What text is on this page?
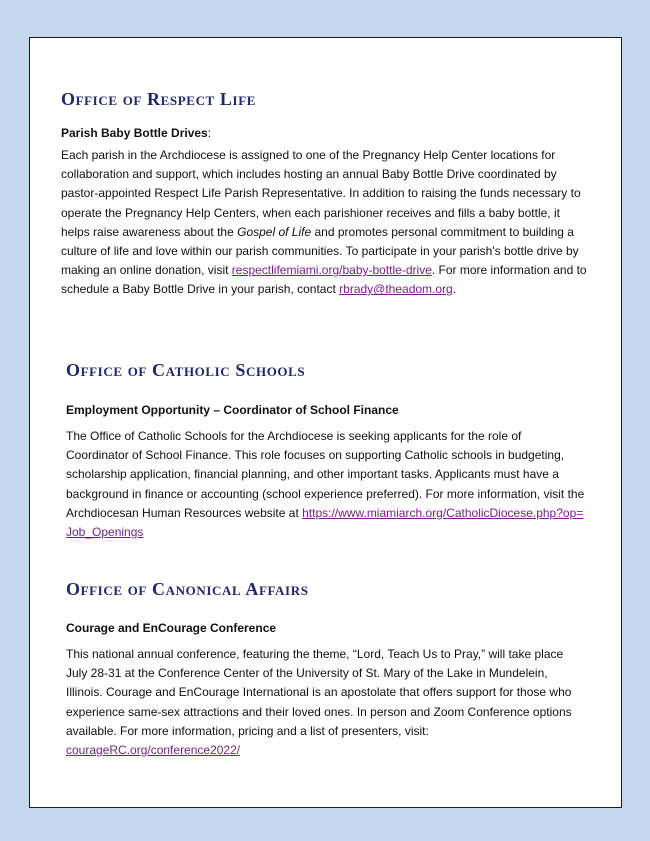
Office of Respect Life

Parish Baby Bottle Drives:

Each parish in the Archdiocese is assigned to one of the Pregnancy Help Center locations for collaboration and support, which includes hosting an annual Baby Bottle Drive coordinated by pastor-appointed Respect Life Parish Representative. In addition to raising the funds necessary to operate the Pregnancy Help Centers, when each parishioner receives and fills a baby bottle, it helps raise awareness about the Gospel of Life and promotes personal commitment to building a culture of life and love within our parish communities. To participate in your parish's bottle drive by making an online donation, visit respectlifemiami.org/baby-bottle-drive. For more information and to schedule a Baby Bottle Drive in your parish, contact rbrady@theadom.org.

Office of Catholic Schools

Employment Opportunity – Coordinator of School Finance

The Office of Catholic Schools for the Archdiocese is seeking applicants for the role of Coordinator of School Finance. This role focuses on supporting Catholic schools in budgeting, scholarship application, financial planning, and other important tasks. Applicants must have a background in finance or accounting (school experience preferred). For more information, visit the Archdiocesan Human Resources website at https://www.miamiarch.org/CatholicDiocese.php?op=Job_Openings

Office of Canonical Affairs

Courage and EnCourage Conference

This national annual conference, featuring the theme, “Lord, Teach Us to Pray,” will take place July 28-31 at the Conference Center of the University of St. Mary of the Lake in Mundelein, Illinois. Courage and EnCourage International is an apostolate that offers support for those who experience same-sex attractions and their loved ones. In person and Zoom Conference options available. For more information, pricing and a list of presenters, visit: courageRC.org/conference2022/
